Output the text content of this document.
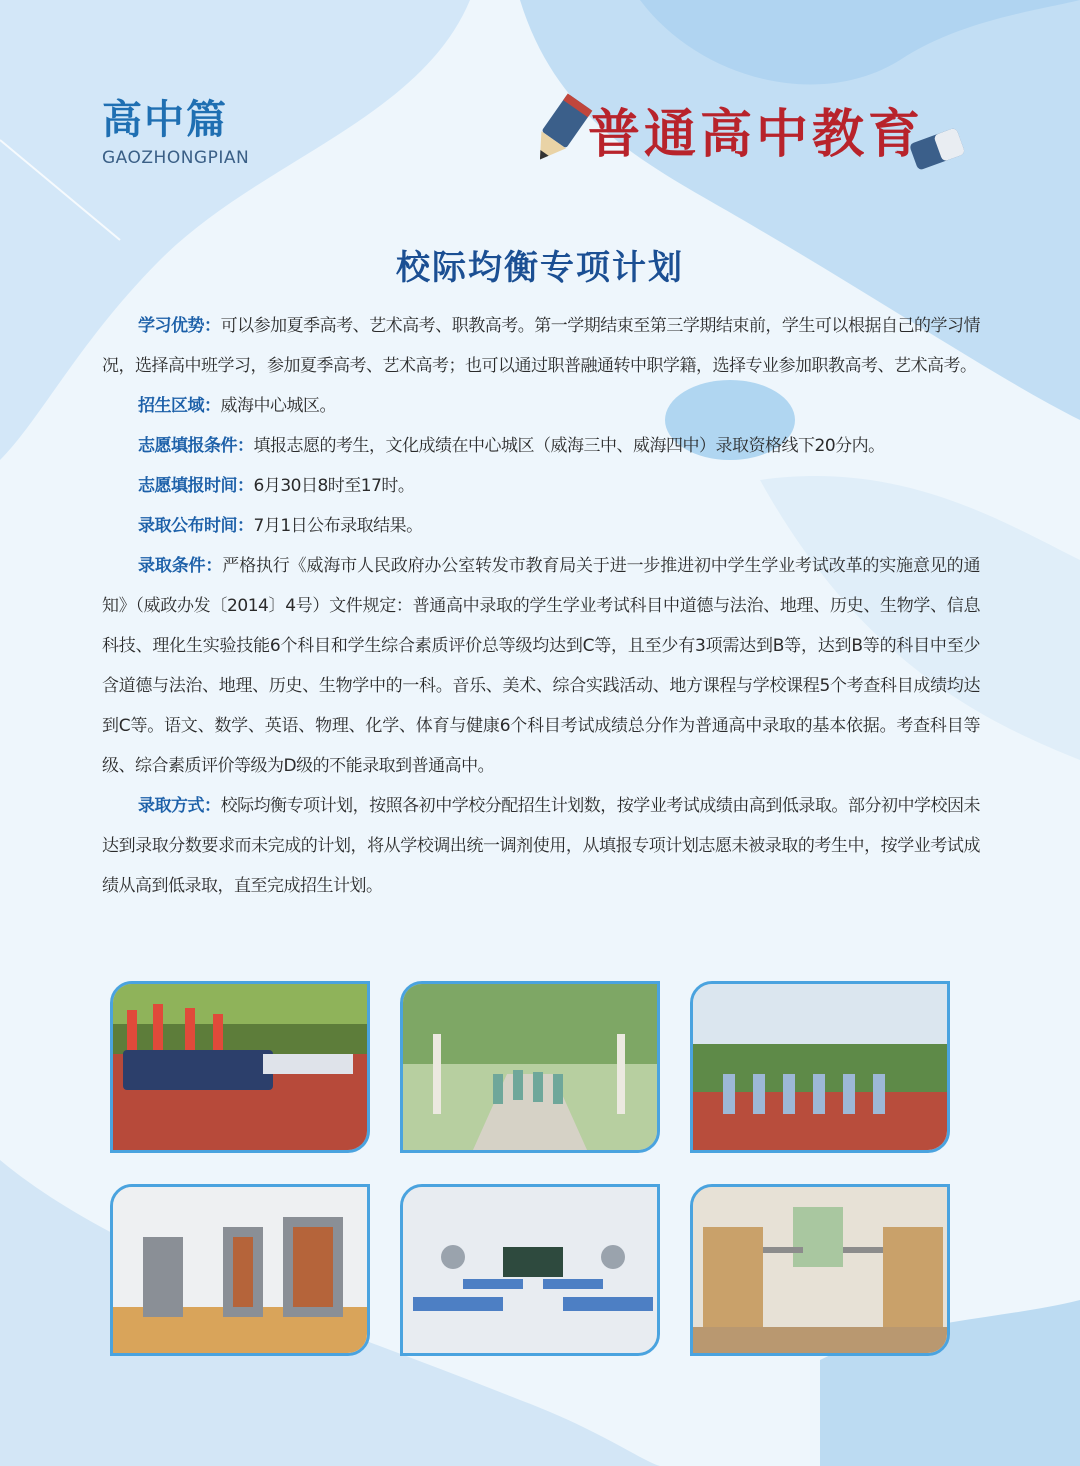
高中篇
GAOZHONGPIAN	普通高中教育
校际均衡专项计划

学习优势：可以参加夏季高考、艺术高考、职教高考。第一学期结束至第三学期结束前，学生可以根据自己的学习情况，选择高中班学习，参加夏季高考、艺术高考；也可以通过职普融通转中职学籍，选择专业参加职教高考、艺术高考。

招生区域：威海中心城区。

志愿填报条件：填报志愿的考生，文化成绩在中心城区（威海三中、威海四中）录取资格线下20分内。

志愿填报时间：6月30日8时至17时。

录取公布时间：7月1日公布录取结果。

录取条件：严格执行《威海市人民政府办公室转发市教育局关于进一步推进初中学生学业考试改革的实施意见的通知》（威政办发〔2014〕4号）文件规定：普通高中录取的学生学业考试科目中道德与法治、地理、历史、生物学、信息科技、理化生实验技能6个科目和学生综合素质评价总等级均达到C等，且至少有3项需达到B等，达到B等的科目中至少含道德与法治、地理、历史、生物学中的一科。音乐、美术、综合实践活动、地方课程与学校课程5个考查科目成绩均达到C等。语文、数学、英语、物理、化学、体育与健康6个科目考试成绩总分作为普通高中录取的基本依据。考查科目等级、综合素质评价等级为D级的不能录取到普通高中。

录取方式：校际均衡专项计划，按照各初中学校分配招生计划数，按学业考试成绩由高到低录取。部分初中学校因未达到录取分数要求而未完成的计划，将从学校调出统一调剂使用，从填报专项计划志愿未被录取的考生中，按学业考试成绩从高到低录取，直至完成招生计划。
